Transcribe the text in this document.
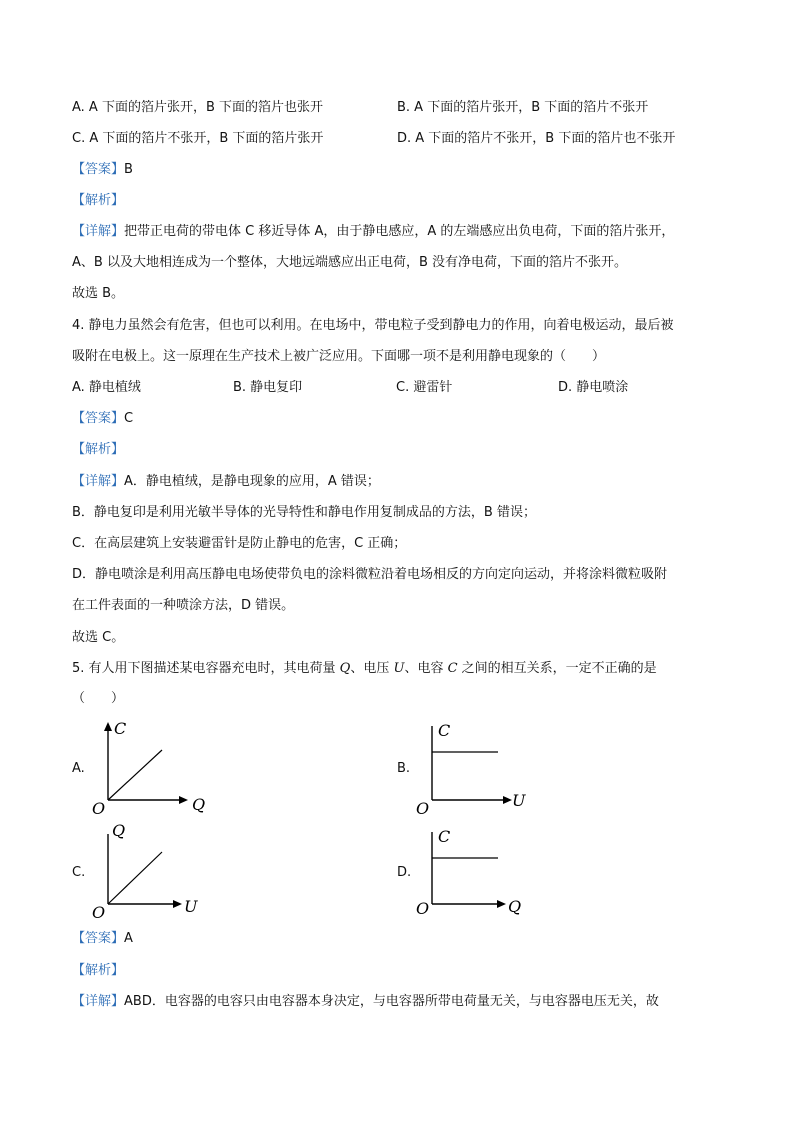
A. A 下面的箔片张开，B 下面的箔片也张开	B. A 下面的箔片张开，B 下面的箔片不张开
C. A 下面的箔片不张开，B 下面的箔片张开	D. A 下面的箔片不张开，B 下面的箔片也不张开
【答案】B
【解析】
【详解】把带正电荷的带电体 C 移近导体 A，由于静电感应，A 的左端感应出负电荷，下面的箔片张开，
A、B 以及大地相连成为一个整体，大地远端感应出正电荷，B 没有净电荷，下面的箔片不张开。
故选 B。
4. 静电力虽然会有危害，但也可以利用。在电场中，带电粒子受到静电力的作用，向着电极运动，最后被
吸附在电极上。这一原理在生产技术上被广泛应用。下面哪一项不是利用静电现象的（　　）
A. 静电植绒	B. 静电复印	C. 避雷针	D. 静电喷涂
【答案】C
【解析】
【详解】A．静电植绒，是静电现象的应用，A 错误；
B．静电复印是利用光敏半导体的光导特性和静电作用复制成品的方法，B 错误；
C．在高层建筑上安装避雷针是防止静电的危害，C 正确；
D．静电喷涂是利用高压静电电场使带负电的涂料微粒沿着电场相反的方向定向运动，并将涂料微粒吸附
在工件表面的一种喷涂方法，D 错误。
故选 C。
5. 有人用下图描述某电容器充电时，其电荷量 Q、电压 U、电容 C 之间的相互关系，一定不正确的是
（　　）
A.	B.
C.	D.
C
Q
O
C
U
O
Q
U
O
C
Q
O
【答案】A
【解析】
【详解】ABD．电容器的电容只由电容器本身决定，与电容器所带电荷量无关，与电容器电压无关，故
